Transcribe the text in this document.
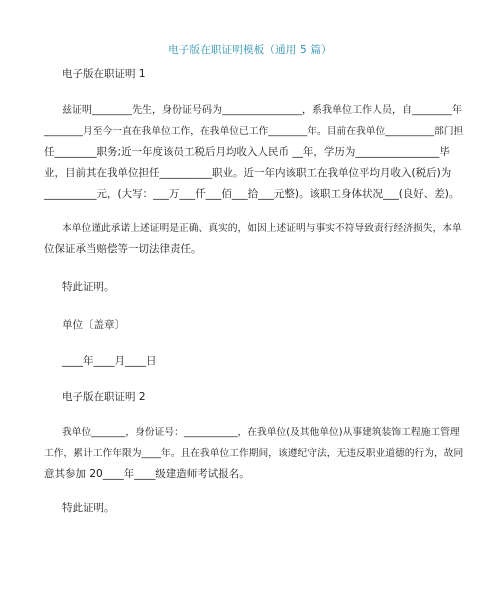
电子版在职证明模板（通用 5 篇）
电子版在职证明 1
兹证明________先生，身份证号码为________________，系我单位工作人员，自________年
________月至今一直在我单位工作，在我单位已工作________年。目前在我单位__________部门担
任________职务;近一年度该员工税后月均收入人民币 __年，学历为________________毕
业，目前其在我单位担任__________职业。近一年内该职工在我单位平均月收入(税后)为
__________元，(大写：___万___仟___佰___拾___元整)。该职工身体状况___(良好、差)。
本单位谨此承诺上述证明是正确、真实的，如因上述证明与事实不符导致责行经济损失，本单
位保证承当赔偿等一切法律责任。
特此证明。
单位〔盖章〕
____年____月____日
电子版在职证明 2
我单位_______，身份证号：___________，在我单位(及其他单位)从事建筑装饰工程施工管理
工作，累计工作年限为____年。且在我单位工作期间，该遵纪守法，无违反职业道德的行为，故同
意其参加 20____年____级建造师考试报名。
特此证明。
